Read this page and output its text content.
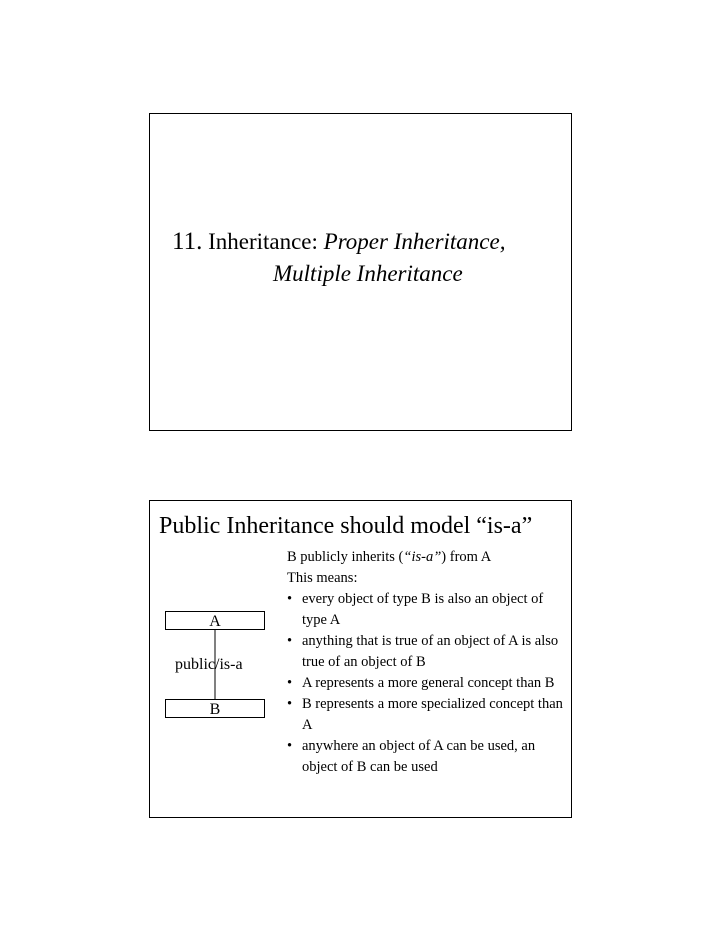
11. Inheritance: Proper Inheritance,
Multiple Inheritance
Public Inheritance should model “is-a”
A
public/is-a
B

B publicly inherits (“is-a”) from A

This means:

• every object of type B is also an object of type A
• anything that is true of an object of A is also true of an object of B
• A represents a more general concept than B
• B represents a more specialized concept than A
• anywhere an object of A can be used, an object of B can be used
